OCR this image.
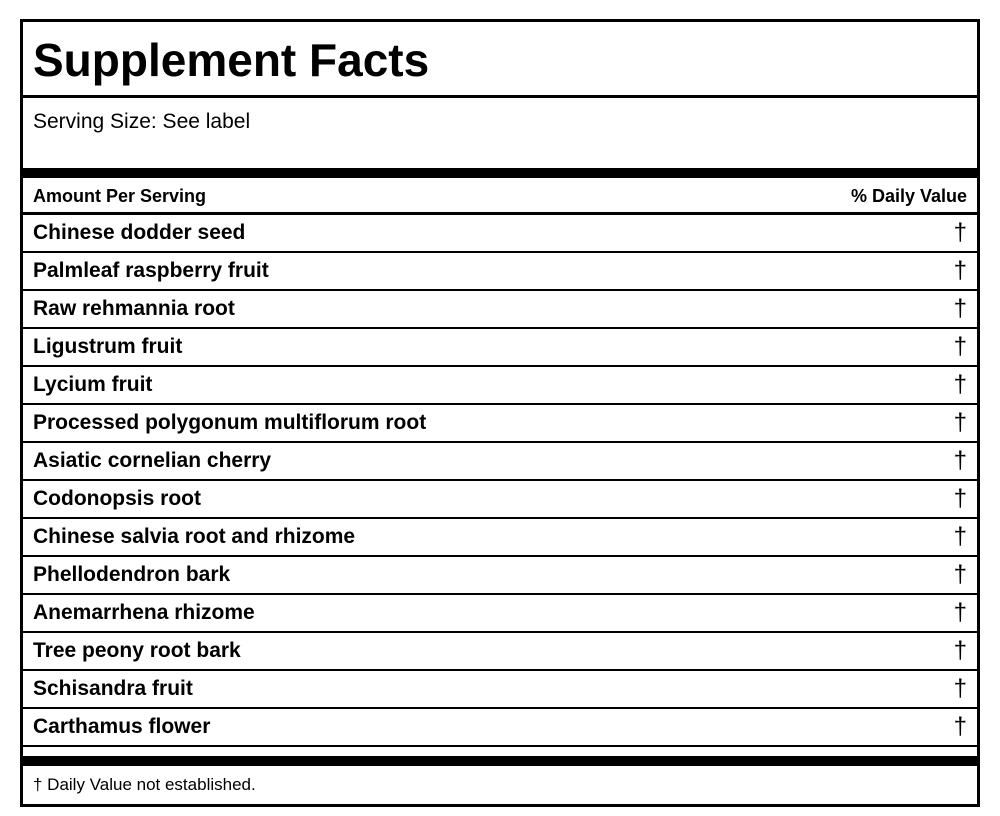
Supplement Facts
Serving Size: See label
Amount Per Serving	% Daily Value
Chinese dodder seed	†
Palmleaf raspberry fruit	†
Raw rehmannia root	†
Ligustrum fruit	†
Lycium fruit	†
Processed polygonum multiflorum root	†
Asiatic cornelian cherry	†
Codonopsis root	†
Chinese salvia root and rhizome	†
Phellodendron bark	†
Anemarrhena rhizome	†
Tree peony root bark	†
Schisandra fruit	†
Carthamus flower	†
† Daily Value not established.
